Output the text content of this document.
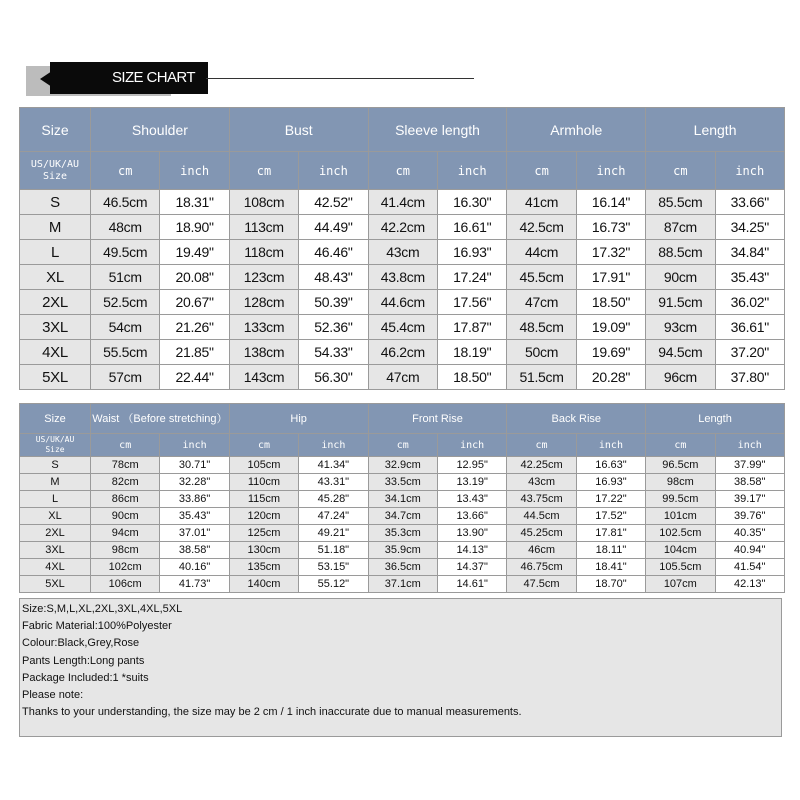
SIZE CHART
Size	Shoulder		Bust		Sleeve length		Armhole		Length	

US/UK/AU
Size	cm	inch	cm	inch	cm	inch	cm	inch	cm	inch
S	46.5cm	18.31"	108cm	42.52"	41.4cm	16.30"	41cm	16.14"	85.5cm	33.66"
M	48cm	18.90"	113cm	44.49"	42.2cm	16.61"	42.5cm	16.73"	87cm	34.25"
L	49.5cm	19.49"	118cm	46.46"	43cm	16.93"	44cm	17.32"	88.5cm	34.84"
XL	51cm	20.08"	123cm	48.43"	43.8cm	17.24"	45.5cm	17.91"	90cm	35.43"
2XL	52.5cm	20.67"	128cm	50.39"	44.6cm	17.56"	47cm	18.50"	91.5cm	36.02"
3XL	54cm	21.26"	133cm	52.36"	45.4cm	17.87"	48.5cm	19.09"	93cm	36.61"
4XL	55.5cm	21.85"	138cm	54.33"	46.2cm	18.19"	50cm	19.69"	94.5cm	37.20"
5XL	57cm	22.44"	143cm	56.30"	47cm	18.50"	51.5cm	20.28"	96cm	37.80"
Size	Waist （Before stretching）		Hip		Front Rise		Back Rise		Length	

US/UK/AU
Size	cm	inch	cm	inch	cm	inch	cm	inch	cm	inch
S	78cm	30.71"	105cm	41.34"	32.9cm	12.95"	42.25cm	16.63"	96.5cm	37.99"
M	82cm	32.28"	110cm	43.31"	33.5cm	13.19"	43cm	16.93"	98cm	38.58"
L	86cm	33.86"	115cm	45.28"	34.1cm	13.43"	43.75cm	17.22"	99.5cm	39.17"
XL	90cm	35.43"	120cm	47.24"	34.7cm	13.66"	44.5cm	17.52"	101cm	39.76"
2XL	94cm	37.01"	125cm	49.21"	35.3cm	13.90"	45.25cm	17.81"	102.5cm	40.35"
3XL	98cm	38.58"	130cm	51.18"	35.9cm	14.13"	46cm	18.11"	104cm	40.94"
4XL	102cm	40.16"	135cm	53.15"	36.5cm	14.37"	46.75cm	18.41"	105.5cm	41.54"
5XL	106cm	41.73"	140cm	55.12"	37.1cm	14.61"	47.5cm	18.70"	107cm	42.13"
Size:S,M,L,XL,2XL,3XL,4XL,5XL
Fabric Material:100%Polyester
Colour:Black,Grey,Rose
Pants Length:Long pants
Package Included:1 *suits
Please note:
Thanks to your understanding, the size may be 2 cm / 1 inch inaccurate due to manual measurements.
